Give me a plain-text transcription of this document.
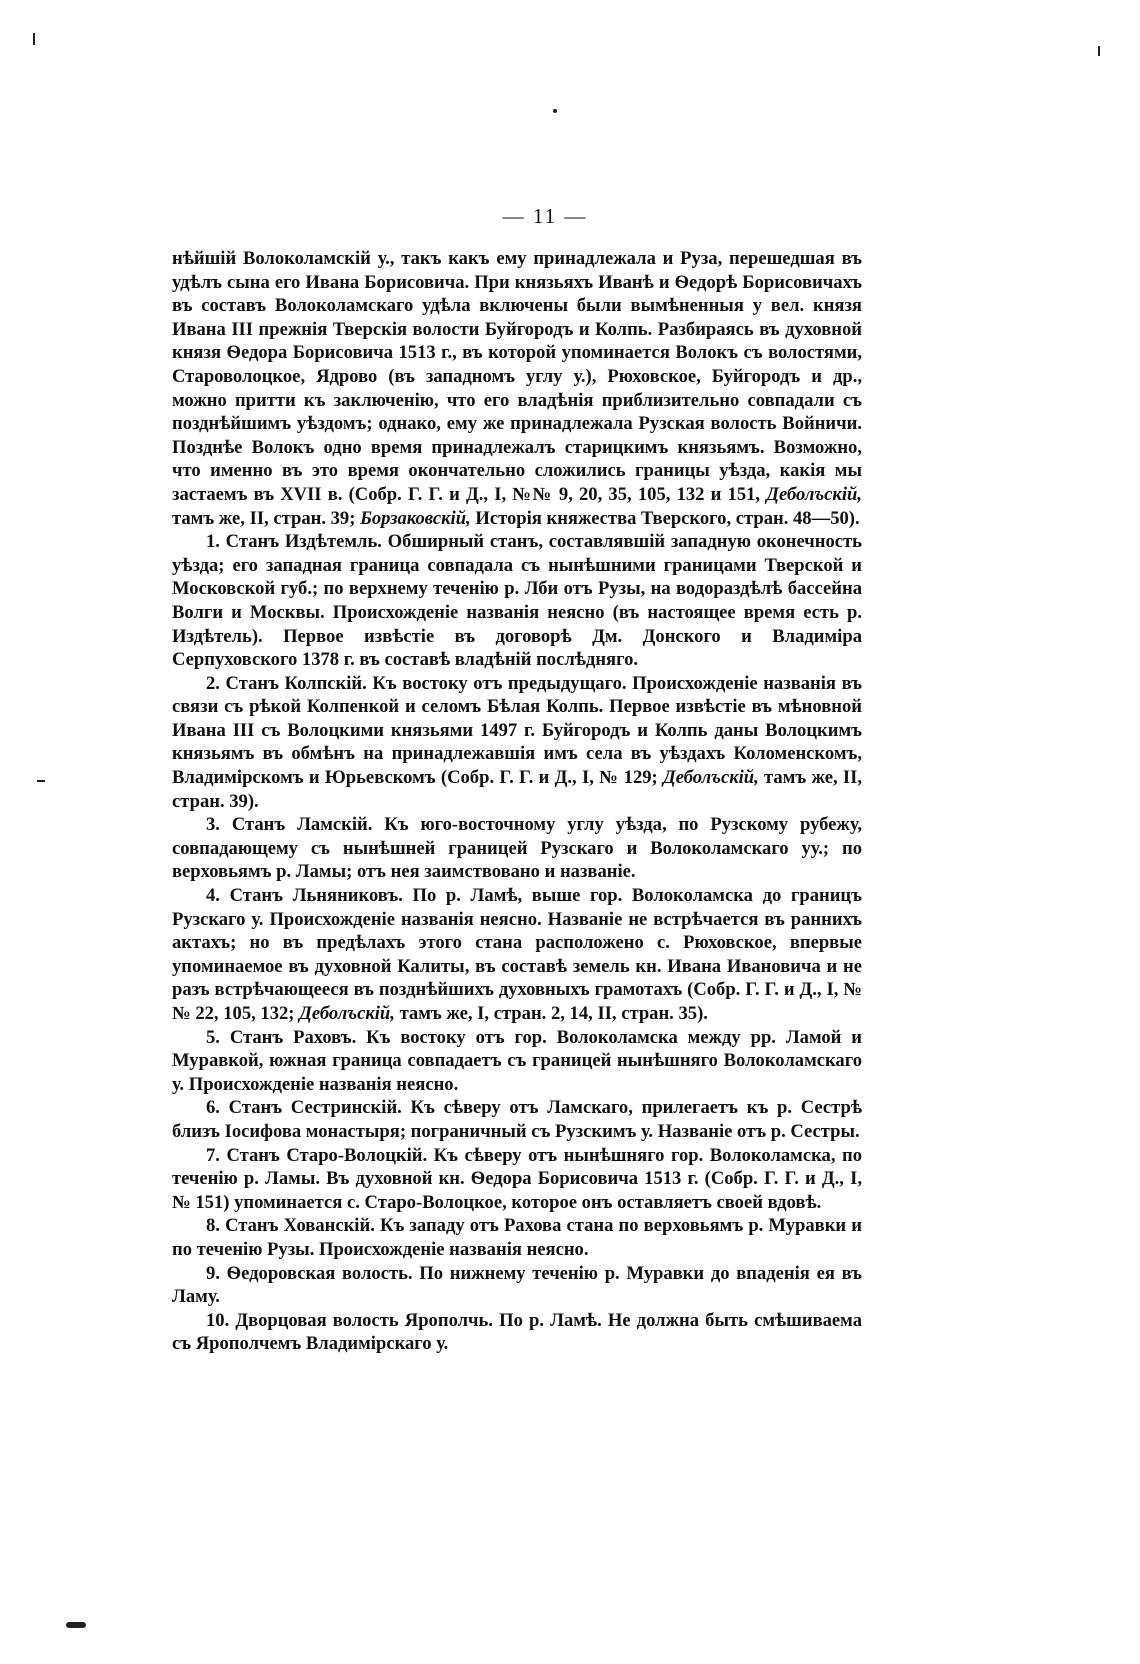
— 11 —

нѣйшій Волоколамскій у., такъ какъ ему принадлежала и Руза, перешедшая въ удѣлъ сына его Ивана Борисовича. При князьяхъ Иванѣ и Ѳедорѣ Борисовичахъ въ составъ Волоколамскаго удѣла включены были вымѣненныя у вел. князя Ивана III прежнія Тверскія волости Буйгородъ и Колпь. Разбираясь въ духовной князя Ѳедора Борисовича 1513 г., въ которой упоминается Волокъ съ волостями, Староволоцкое, Ядрово (въ западномъ углу у.), Рюховское, Буйгородъ и др., можно притти къ заключенію, что его владѣнія приблизительно совпадали съ позднѣйшимъ уѣздомъ; однако, ему же принадлежала Рузская волость Войничи. Позднѣе Волокъ одно время принадлежалъ старицкимъ князьямъ. Возможно, что именно въ это время окончательно сложились границы уѣзда, какія мы застаемъ въ XVII в. (Собр. Г. Г. и Д., I, №№ 9, 20, 35, 105, 132 и 151, Деболъскій, тамъ же, II, стран. 39; Борзаковскій, Исторія княжества Тверского, стран. 48—50).

1. Станъ Издѣтемль. Обширный станъ, составлявшій западную оконечность уѣзда; его западная граница совпадала съ нынѣшними границами Тверской и Московской губ.; по верхнему теченію р. Лби отъ Рузы, на водораздѣлѣ бассейна Волги и Москвы. Происхожденіе названія неясно (въ настоящее время есть р. Издѣтель). Первое извѣстіе въ договорѣ Дм. Донского и Владиміра Серпуховского 1378 г. въ составѣ владѣній послѣдняго.

2. Станъ Колпскій. Къ востоку отъ предыдущаго. Происхожденіе названія въ связи съ рѣкой Колпенкой и селомъ Бѣлая Колпь. Первое извѣстіе въ мѣновной Ивана III съ Волоцкими князьями 1497 г. Буйгородъ и Колпь даны Волоцкимъ князьямъ въ обмѣнъ на принадлежавшія имъ села въ уѣздахъ Коломенскомъ, Владимірскомъ и Юрьевскомъ (Собр. Г. Г. и Д., I, № 129; Деболъскій, тамъ же, II, стран. 39).

3. Станъ Ламскій. Къ юго-восточному углу уѣзда, по Рузскому рубежу, совпадающему съ нынѣшней границей Рузскаго и Волоколамскаго уу.; по верховьямъ р. Ламы; отъ нея заимствовано и названіе.

4. Станъ Льняниковъ. По р. Ламѣ, выше гор. Волоколамска до границъ Рузскаго у. Происхожденіе названія неясно. Названіе не встрѣчается въ раннихъ актахъ; но въ предѣлахъ этого стана расположено с. Рюховское, впервые упоминаемое въ духовной Калиты, въ составѣ земель кн. Ивана Ивановича и не разъ встрѣчающееся въ позднѣйшихъ духовныхъ грамотахъ (Собр. Г. Г. и Д., I, №№ 22, 105, 132; Деболъскій, тамъ же, I, стран. 2, 14, II, стран. 35).

5. Станъ Раховъ. Къ востоку отъ гор. Волоколамска между рр. Ламой и Муравкой, южная граница совпадаетъ съ границей нынѣшняго Волоколамскаго у. Происхожденіе названія неясно.

6. Станъ Сестринскій. Къ сѣверу отъ Ламскаго, прилегаетъ къ р. Сестрѣ близъ Іосифова монастыря; пограничный съ Рузскимъ у. Названіе отъ р. Сестры.

7. Станъ Старо-Волоцкій. Къ сѣверу отъ нынѣшняго гор. Волоколамска, по теченію р. Ламы. Въ духовной кн. Ѳедора Борисовича 1513 г. (Собр. Г. Г. и Д., I, № 151) упоминается с. Старо-Волоцкое, которое онъ оставляетъ своей вдовѣ.

8. Станъ Хованскій. Къ западу отъ Рахова стана по верховьямъ р. Муравки и по теченію Рузы. Происхожденіе названія неясно.

9. Ѳедоровская волость. По нижнему теченію р. Муравки до впаденія ея въ Ламу.

10. Дворцовая волость Ярополчь. По р. Ламѣ. Не должна быть смѣшиваема съ Ярополчемъ Владимірскаго у.
